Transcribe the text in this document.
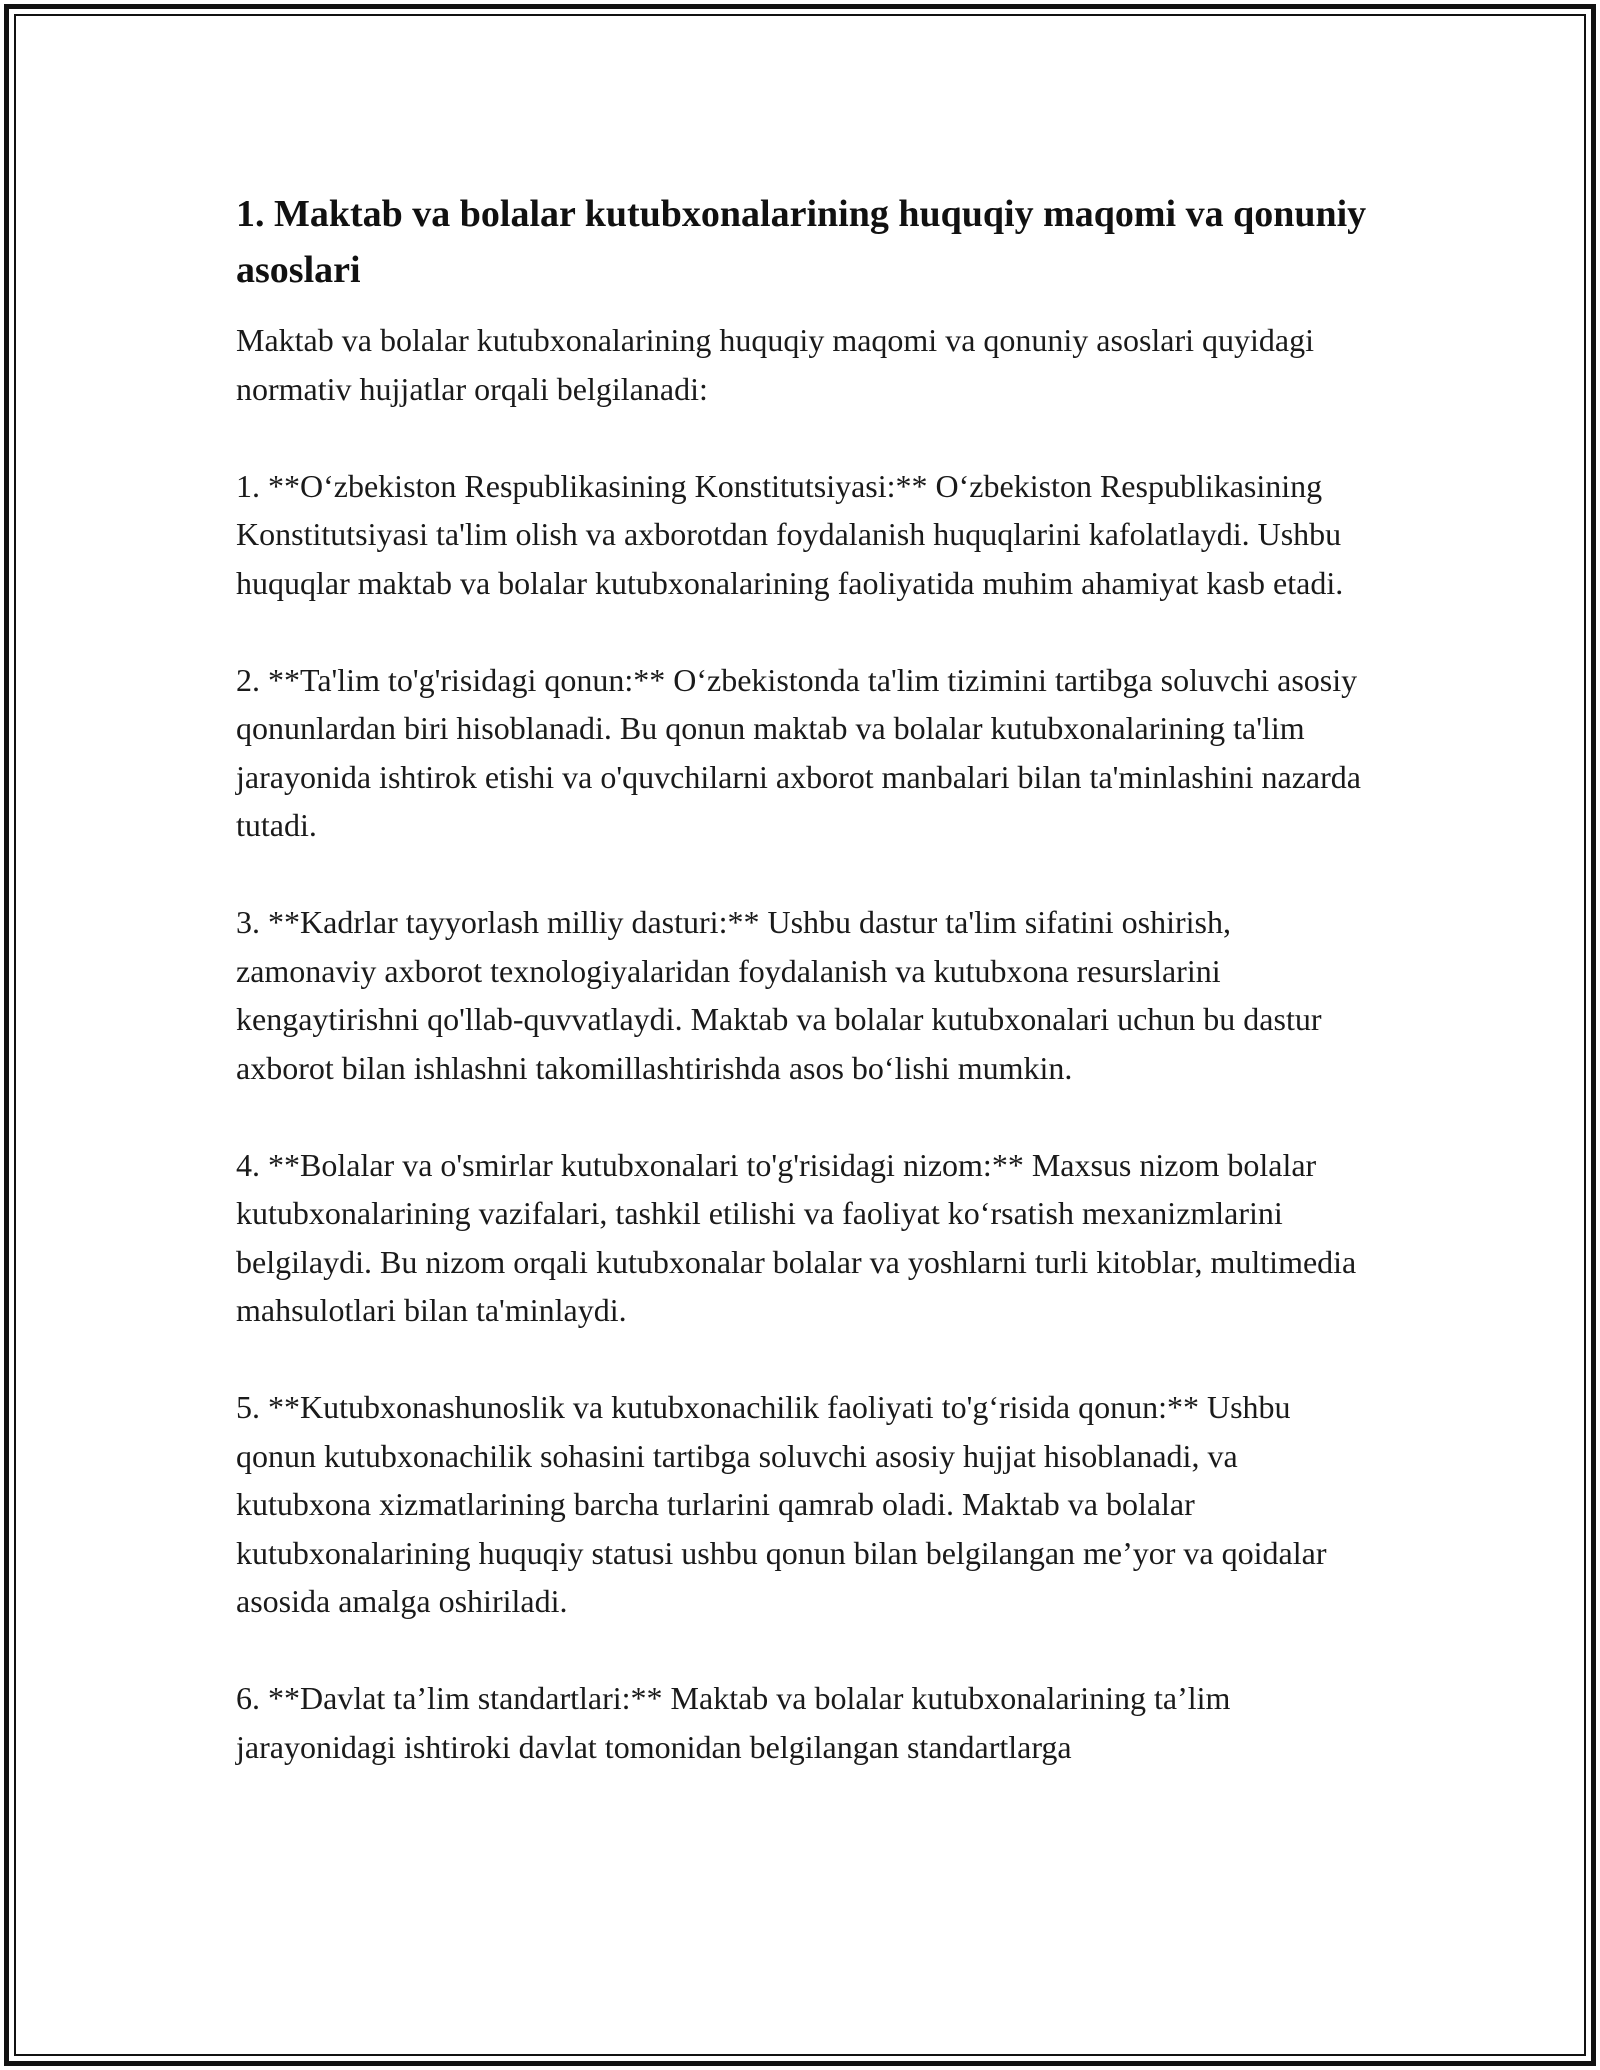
1. Maktab va bolalar kutubxonalarining huquqiy maqomi va qonuniy asoslari

Maktab va bolalar kutubxonalarining huquqiy maqomi va qonuniy asoslari quyidagi normativ hujjatlar orqali belgilanadi:

1. **O‘zbekiston Respublikasining Konstitutsiyasi:** O‘zbekiston Respublikasining Konstitutsiyasi ta'lim olish va axborotdan foydalanish huquqlarini kafolatlaydi. Ushbu huquqlar maktab va bolalar kutubxonalarining faoliyatida muhim ahamiyat kasb etadi.

2. **Ta'lim to'g'risidagi qonun:** O‘zbekistonda ta'lim tizimini tartibga soluvchi asosiy qonunlardan biri hisoblanadi. Bu qonun maktab va bolalar kutubxonalarining ta'lim jarayonida ishtirok etishi va o'quvchilarni axborot manbalari bilan ta'minlashini nazarda tutadi.

3. **Kadrlar tayyorlash milliy dasturi:** Ushbu dastur ta'lim sifatini oshirish, zamonaviy axborot texnologiyalaridan foydalanish va kutubxona resurslarini kengaytirishni qo'llab-quvvatlaydi. Maktab va bolalar kutubxonalari uchun bu dastur axborot bilan ishlashni takomillashtirishda asos bo‘lishi mumkin.

4. **Bolalar va o'smirlar kutubxonalari to'g'risidagi nizom:** Maxsus nizom bolalar kutubxonalarining vazifalari, tashkil etilishi va faoliyat ko‘rsatish mexanizmlarini belgilaydi. Bu nizom orqali kutubxonalar bolalar va yoshlarni turli kitoblar, multimedia mahsulotlari bilan ta'minlaydi.

5. **Kutubxonashunoslik va kutubxonachilik faoliyati to'g‘risida qonun:** Ushbu qonun kutubxonachilik sohasini tartibga soluvchi asosiy hujjat hisoblanadi, va kutubxona xizmatlarining barcha turlarini qamrab oladi. Maktab va bolalar kutubxonalarining huquqiy statusi ushbu qonun bilan belgilangan me’yor va qoidalar asosida amalga oshiriladi.

6. **Davlat ta’lim standartlari:** Maktab va bolalar kutubxonalarining ta’lim jarayonidagi ishtiroki davlat tomonidan belgilangan standartlarga
